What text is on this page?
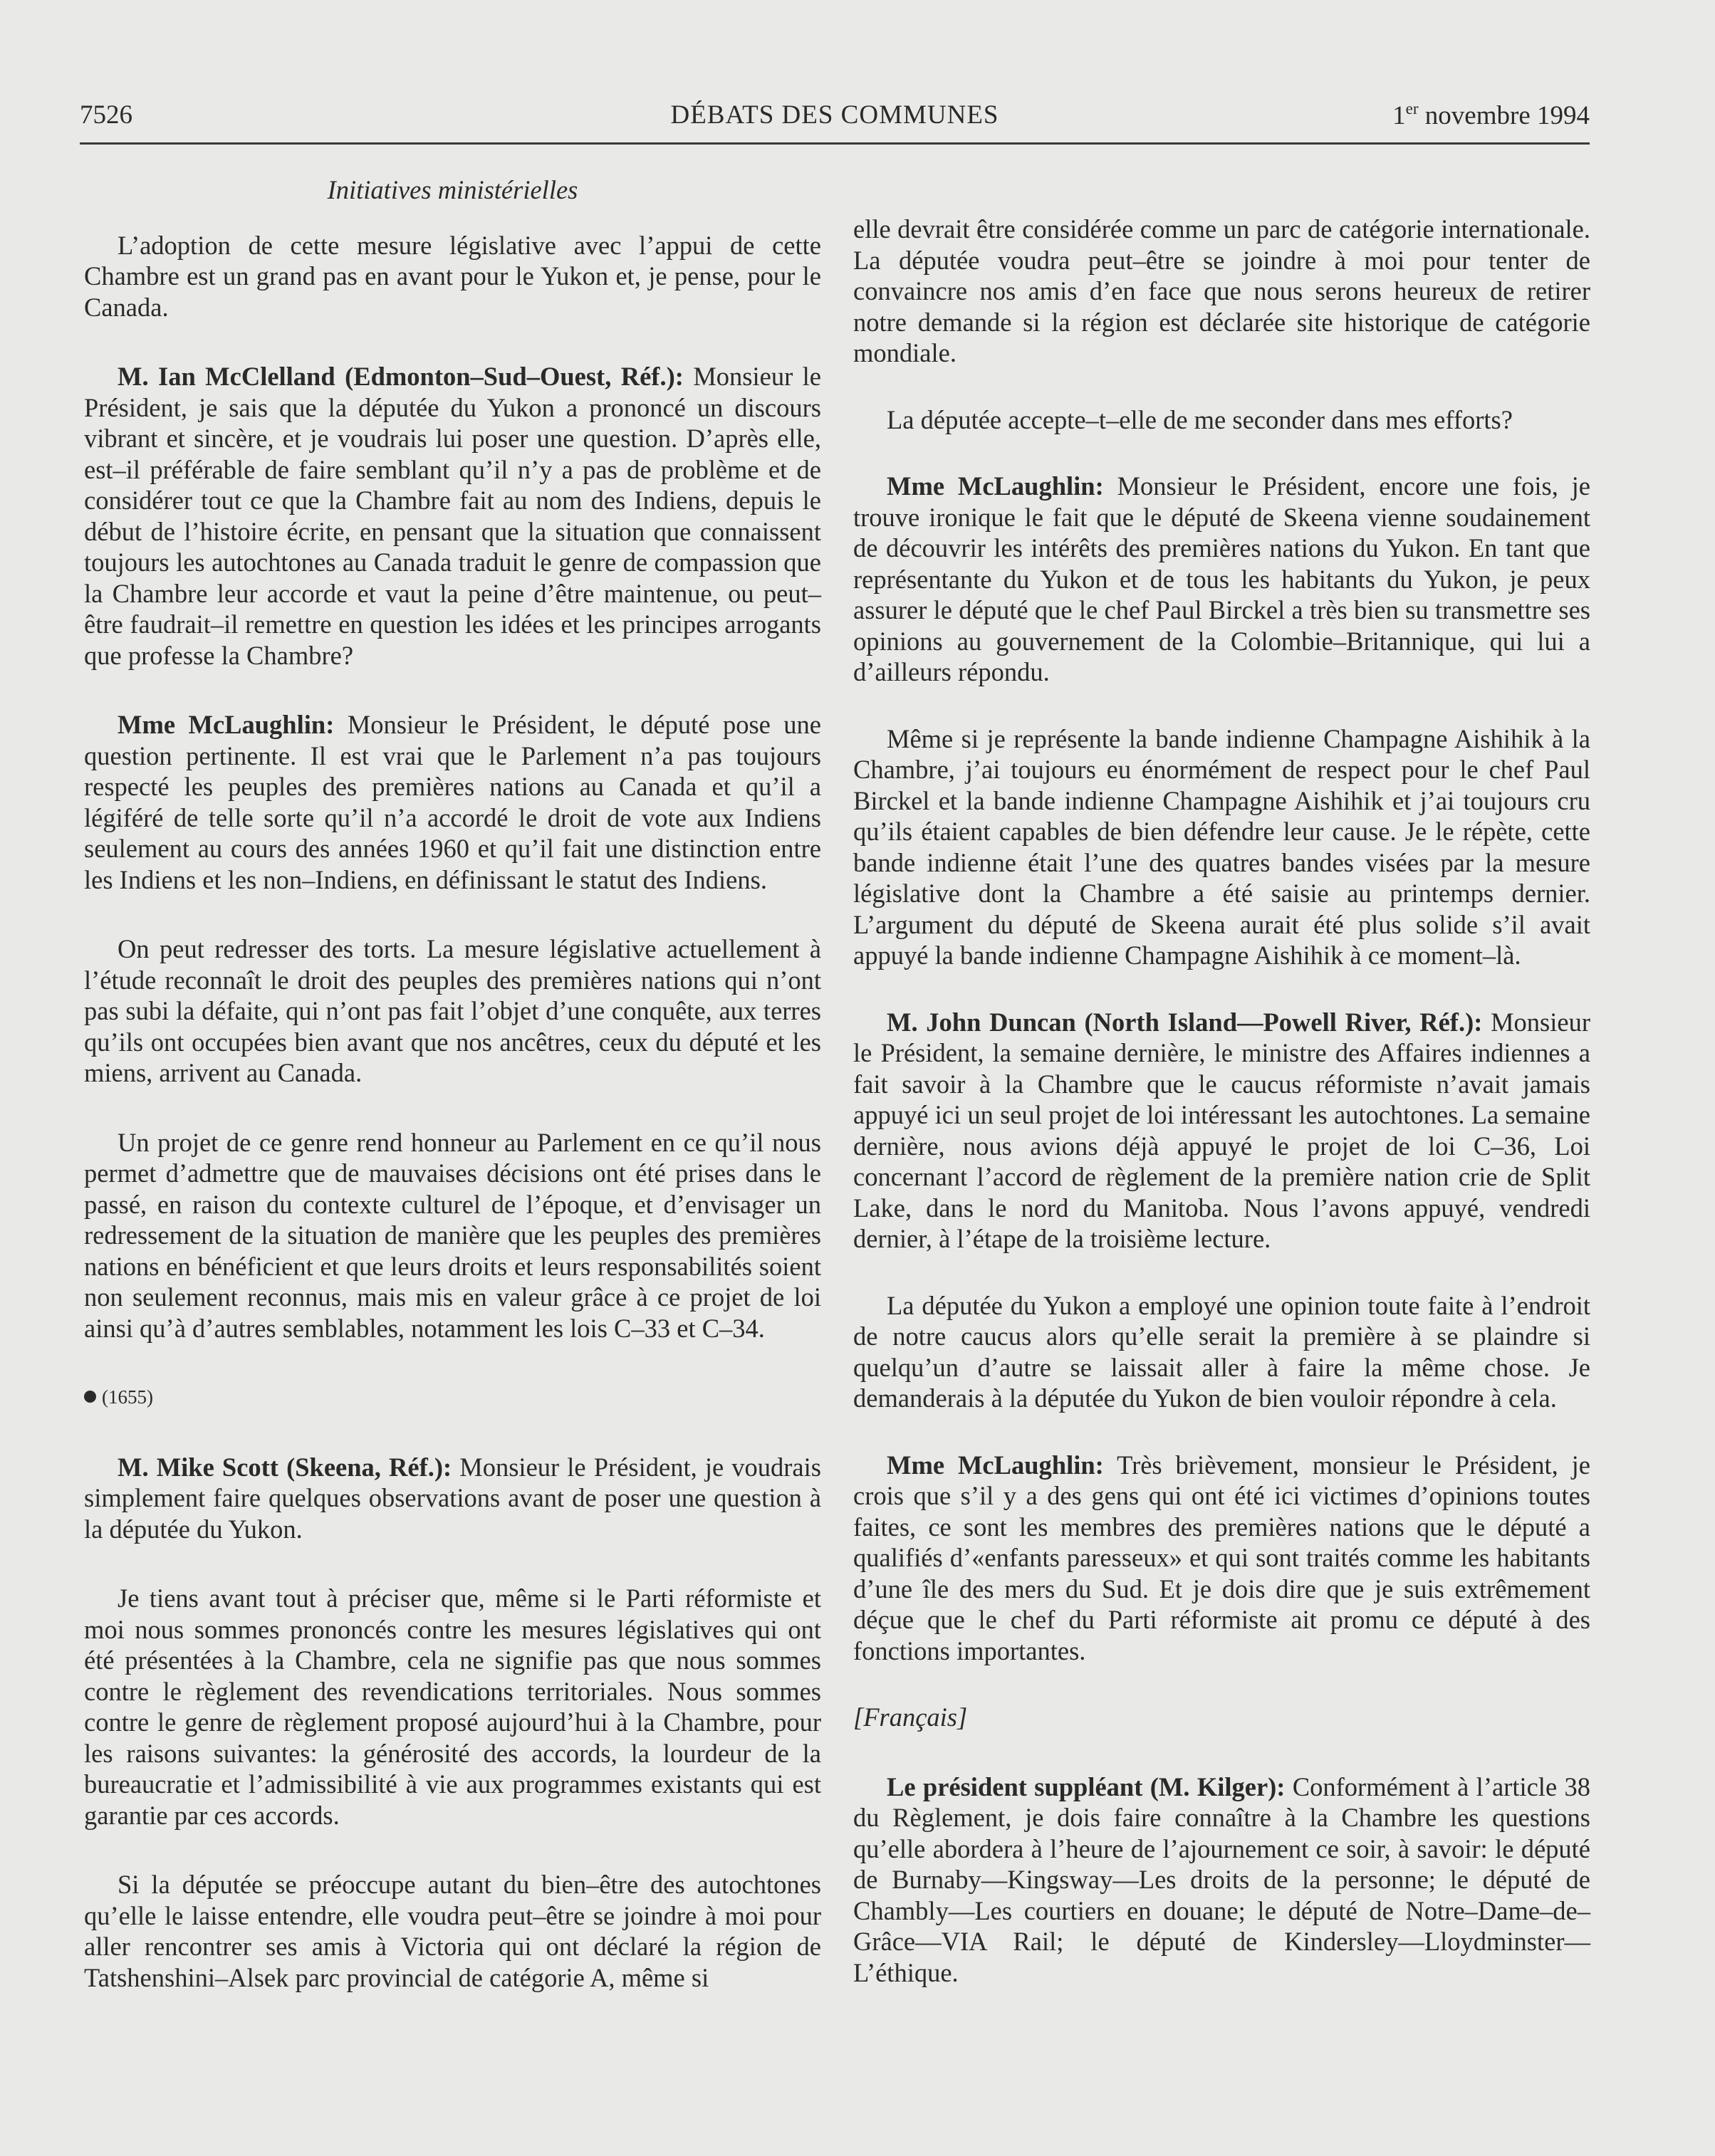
7526	DÉBATS DES COMMUNES	1er novembre 1994
Initiatives ministérielles

L’adoption de cette mesure législative avec l’appui de cette Chambre est un grand pas en avant pour le Yukon et, je pense, pour le Canada.

M. Ian McClelland (Edmonton–Sud–Ouest, Réf.): Monsieur le Président, je sais que la députée du Yukon a prononcé un discours vibrant et sincère, et je voudrais lui poser une question. D’après elle, est–il préférable de faire semblant qu’il n’y a pas de problème et de considérer tout ce que la Chambre fait au nom des Indiens, depuis le début de l’histoire écrite, en pensant que la situation que connaissent toujours les autochtones au Canada traduit le genre de compassion que la Chambre leur accorde et vaut la peine d’être maintenue, ou peut–être faudrait–il remettre en question les idées et les principes arrogants que professe la Chambre?

Mme McLaughlin: Monsieur le Président, le député pose une question pertinente. Il est vrai que le Parlement n’a pas toujours respecté les peuples des premières nations au Canada et qu’il a légiféré de telle sorte qu’il n’a accordé le droit de vote aux Indiens seulement au cours des années 1960 et qu’il fait une distinction entre les Indiens et les non–Indiens, en définissant le statut des Indiens.

On peut redresser des torts. La mesure législative actuellement à l’étude reconnaît le droit des peuples des premières nations qui n’ont pas subi la défaite, qui n’ont pas fait l’objet d’une conquête, aux terres qu’ils ont occupées bien avant que nos ancêtres, ceux du député et les miens, arrivent au Canada.

Un projet de ce genre rend honneur au Parlement en ce qu’il nous permet d’admettre que de mauvaises décisions ont été prises dans le passé, en raison du contexte culturel de l’époque, et d’envisager un redressement de la situation de manière que les peuples des premières nations en bénéficient et que leurs droits et leurs responsabilités soient non seulement reconnus, mais mis en valeur grâce à ce projet de loi ainsi qu’à d’autres semblables, notamment les lois C–33 et C–34.

(1655)

M. Mike Scott (Skeena, Réf.): Monsieur le Président, je voudrais simplement faire quelques observations avant de poser une question à la députée du Yukon.

Je tiens avant tout à préciser que, même si le Parti réformiste et moi nous sommes prononcés contre les mesures législatives qui ont été présentées à la Chambre, cela ne signifie pas que nous sommes contre le règlement des revendications territoriales. Nous sommes contre le genre de règlement proposé aujourd’hui à la Chambre, pour les raisons suivantes: la générosité des accords, la lourdeur de la bureaucratie et l’admissibilité à vie aux programmes existants qui est garantie par ces accords.

Si la députée se préoccupe autant du bien–être des autochtones qu’elle le laisse entendre, elle voudra peut–être se joindre à moi pour aller rencontrer ses amis à Victoria qui ont déclaré la région de Tatshenshini–Alsek parc provincial de catégorie A, même si

elle devrait être considérée comme un parc de catégorie internationale. La députée voudra peut–être se joindre à moi pour tenter de convaincre nos amis d’en face que nous serons heureux de retirer notre demande si la région est déclarée site historique de catégorie mondiale.

La députée accepte–t–elle de me seconder dans mes efforts?

Mme McLaughlin: Monsieur le Président, encore une fois, je trouve ironique le fait que le député de Skeena vienne soudainement de découvrir les intérêts des premières nations du Yukon. En tant que représentante du Yukon et de tous les habitants du Yukon, je peux assurer le député que le chef Paul Birckel a très bien su transmettre ses opinions au gouvernement de la Colombie–Britannique, qui lui a d’ailleurs répondu.

Même si je représente la bande indienne Champagne Aishihik à la Chambre, j’ai toujours eu énormément de respect pour le chef Paul Birckel et la bande indienne Champagne Aishihik et j’ai toujours cru qu’ils étaient capables de bien défendre leur cause. Je le répète, cette bande indienne était l’une des quatres bandes visées par la mesure législative dont la Chambre a été saisie au printemps dernier. L’argument du député de Skeena aurait été plus solide s’il avait appuyé la bande indienne Champagne Aishihik à ce moment–là.

M. John Duncan (North Island—Powell River, Réf.): Monsieur le Président, la semaine dernière, le ministre des Affaires indiennes a fait savoir à la Chambre que le caucus réformiste n’avait jamais appuyé ici un seul projet de loi intéressant les autochtones. La semaine dernière, nous avions déjà appuyé le projet de loi C–36, Loi concernant l’accord de règlement de la première nation crie de Split Lake, dans le nord du Manitoba. Nous l’avons appuyé, vendredi dernier, à l’étape de la troisième lecture.

La députée du Yukon a employé une opinion toute faite à l’endroit de notre caucus alors qu’elle serait la première à se plaindre si quelqu’un d’autre se laissait aller à faire la même chose. Je demanderais à la députée du Yukon de bien vouloir répondre à cela.

Mme McLaughlin: Très brièvement, monsieur le Président, je crois que s’il y a des gens qui ont été ici victimes d’opinions toutes faites, ce sont les membres des premières nations que le député a qualifiés d’«enfants paresseux» et qui sont traités comme les habitants d’une île des mers du Sud. Et je dois dire que je suis extrêmement déçue que le chef du Parti réformiste ait promu ce député à des fonctions importantes.

[Français]

Le président suppléant (M. Kilger): Conformément à l’article 38 du Règlement, je dois faire connaître à la Chambre les questions qu’elle abordera à l’heure de l’ajournement ce soir, à savoir: le député de Burnaby—Kingsway—Les droits de la personne; le député de Chambly—Les courtiers en douane; le député de Notre–Dame–de–Grâce—VIA Rail; le député de Kindersley—Lloydminster—L’éthique.
